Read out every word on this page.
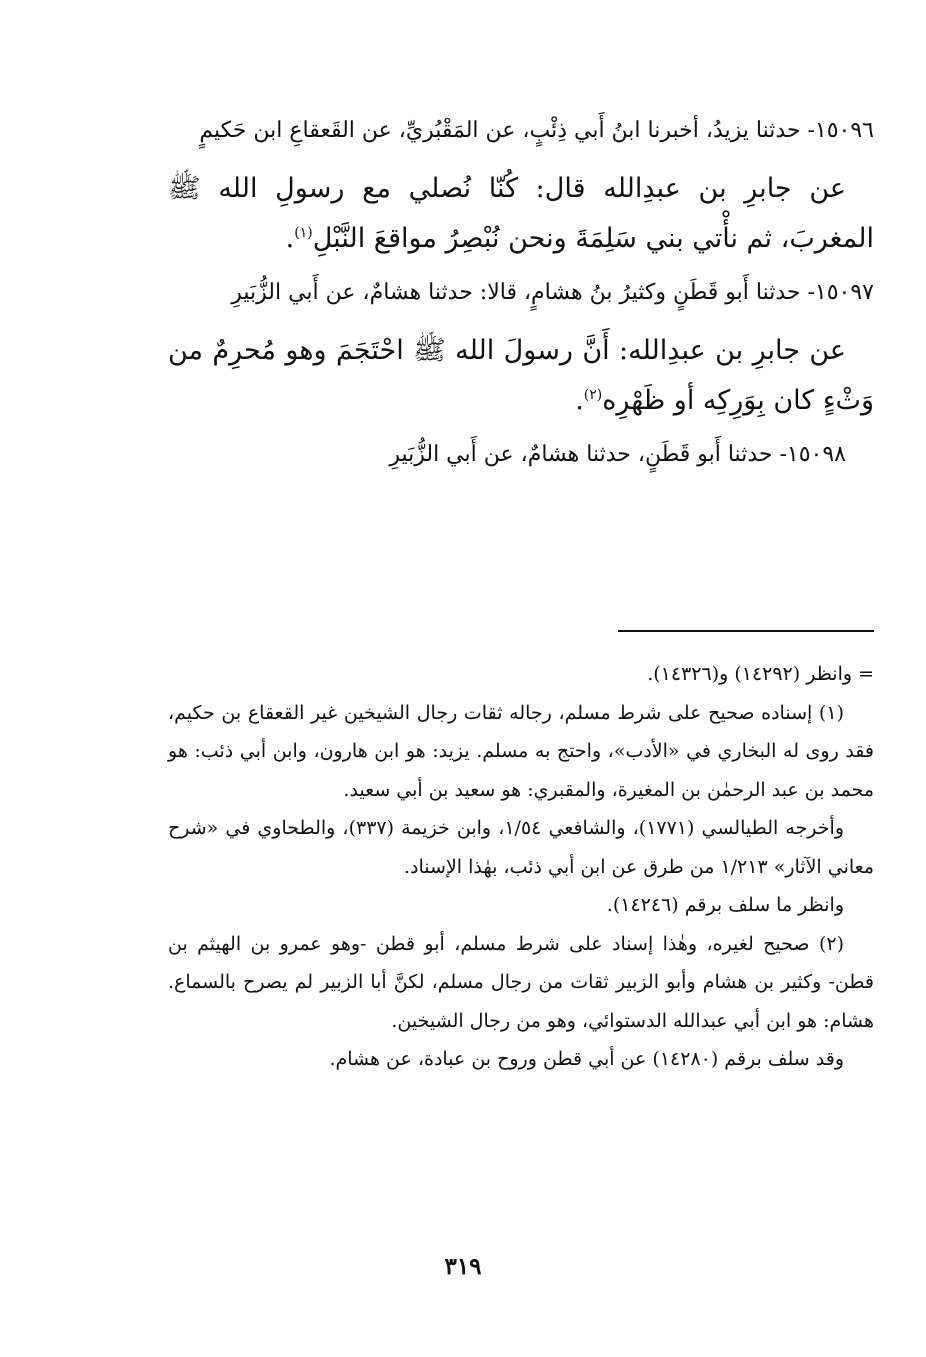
١٥٠٩٦- حدثنا يزيدُ، أخبرنا ابنُ أَبي ذِئْبٍ، عن المَقْبُريِّ، عن القَعقاعِ ابن حَكيمٍ

عن جابرِ بن عبدِالله قال: كُنّا نُصلي مع رسولِ الله ﷺ المغربَ، ثم نأْتي بني سَلِمَةَ ونحن نُبْصِرُ مواقعَ النَّبْلِ$^{(١)}$.

١٥٠٩٧- حدثنا أَبو قَطَنٍ وكثيرُ بنُ هشامٍ، قالا: حدثنا هشامٌ، عن أَبي الزُّبَيرِ

عن جابرِ بن عبدِالله: أَنَّ رسولَ الله ﷺ احْتَجَمَ وهو مُحرِمٌ من وَثْءٍ كان بِوَرِكِه أو ظَهْرِه$^{(٢)}$.

١٥٠٩٨- حدثنا أَبو قَطَنٍ، حدثنا هشامٌ، عن أَبي الزُّبَيرِ

= وانظر (١٤٢٩٢) و(١٤٣٢٦).

(١) إسناده صحيح على شرط مسلم، رجاله ثقات رجال الشيخين غير القعقاع بن حكيم، فقد روى له البخاري في «الأدب»، واحتج به مسلم. يزيد: هو ابن هارون، وابن أبي ذئب: هو محمد بن عبد الرحمٰن بن المغيرة، والمقبري: هو سعيد بن أبي سعيد.

وأخرجه الطيالسي (١٧٧١)، والشافعي ١/٥٤، وابن خزيمة (٣٣٧)، والطحاوي في «شرح معاني الآثار» ١/٢١٣ من طرق عن ابن أبي ذئب، بهٰذا الإسناد.

وانظر ما سلف برقم (١٤٢٤٦).

(٢) صحيح لغيره، وهٰذا إسناد على شرط مسلم، أبو قطن -وهو عمرو بن الهيثم بن قطن- وكثير بن هشام وأبو الزبير ثقات من رجال مسلم، لكنَّ أبا الزبير لم يصرح بالسماع. هشام: هو ابن أبي عبدالله الدستوائي، وهو من رجال الشيخين.

وقد سلف برقم (١٤٢٨٠) عن أبي قطن وروح بن عبادة، عن هشام.

٣١٩
